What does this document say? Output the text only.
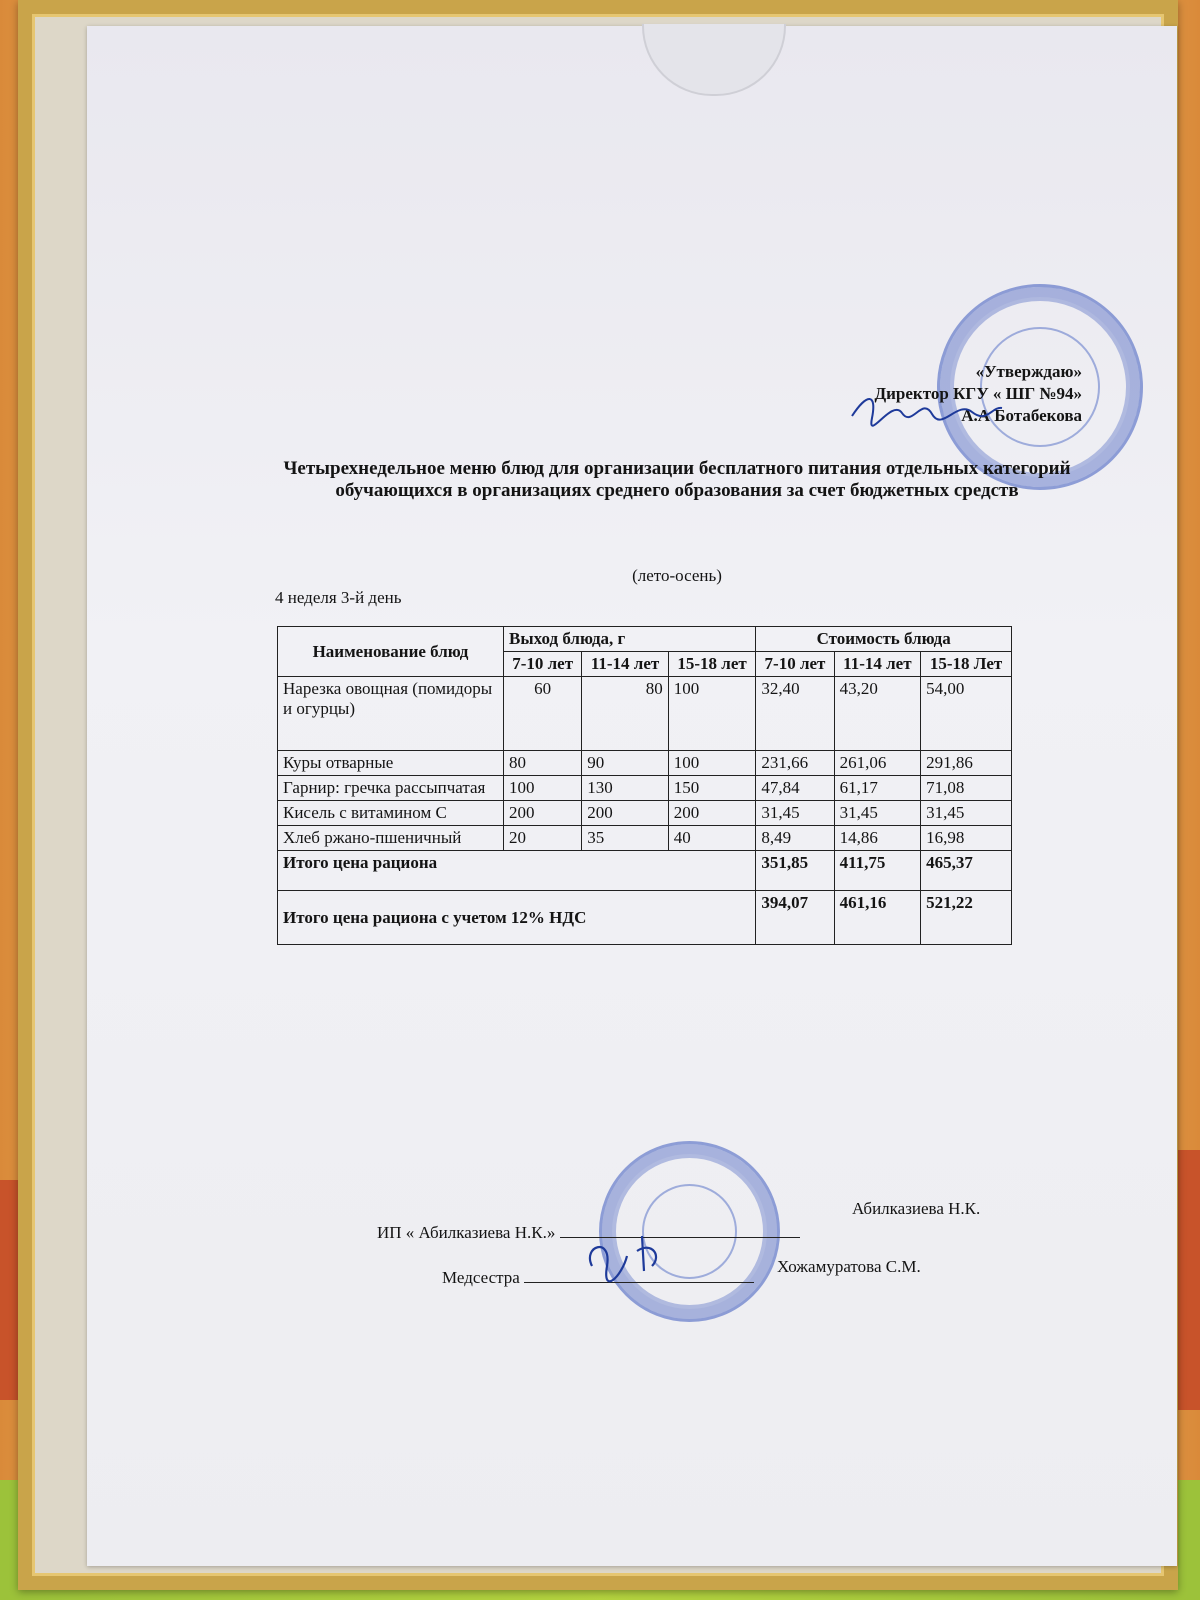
«Утверждаю»
Директор КГУ « ШГ №94»
А.А Ботабекова
Четырехнедельное меню блюд для организации бесплатного питания отдельных категорий обучающихся в организациях среднего образования за счет бюджетных средств
(лето-осень)
4 неделя 3-й день
Наименование блюд	Выход блюда, г			Стоимость блюда		
	7-10 лет	11-14 лет	15-18 лет	7-10 лет	11-14 лет	15-18 Лет
Нарезка овощная (помидоры и огурцы)	60	80	100	32,40	43,20	54,00
Куры отварные	80	90	100	231,66	261,06	291,86
Гарнир: гречка рассыпчатая	100	130	150	47,84	61,17	71,08
Кисель с витамином С	200	200	200	31,45	31,45	31,45
Хлеб ржано-пшеничный	20	35	40	8,49	14,86	16,98
Итого цена рациона				351,85	411,75	465,37
Итого цена рациона с учетом 12% НДС				394,07	461,16	521,22
ИП « Абилказиева Н.К.»
Абилказиева Н.К.
Медсестра
Хожамуратова С.М.
